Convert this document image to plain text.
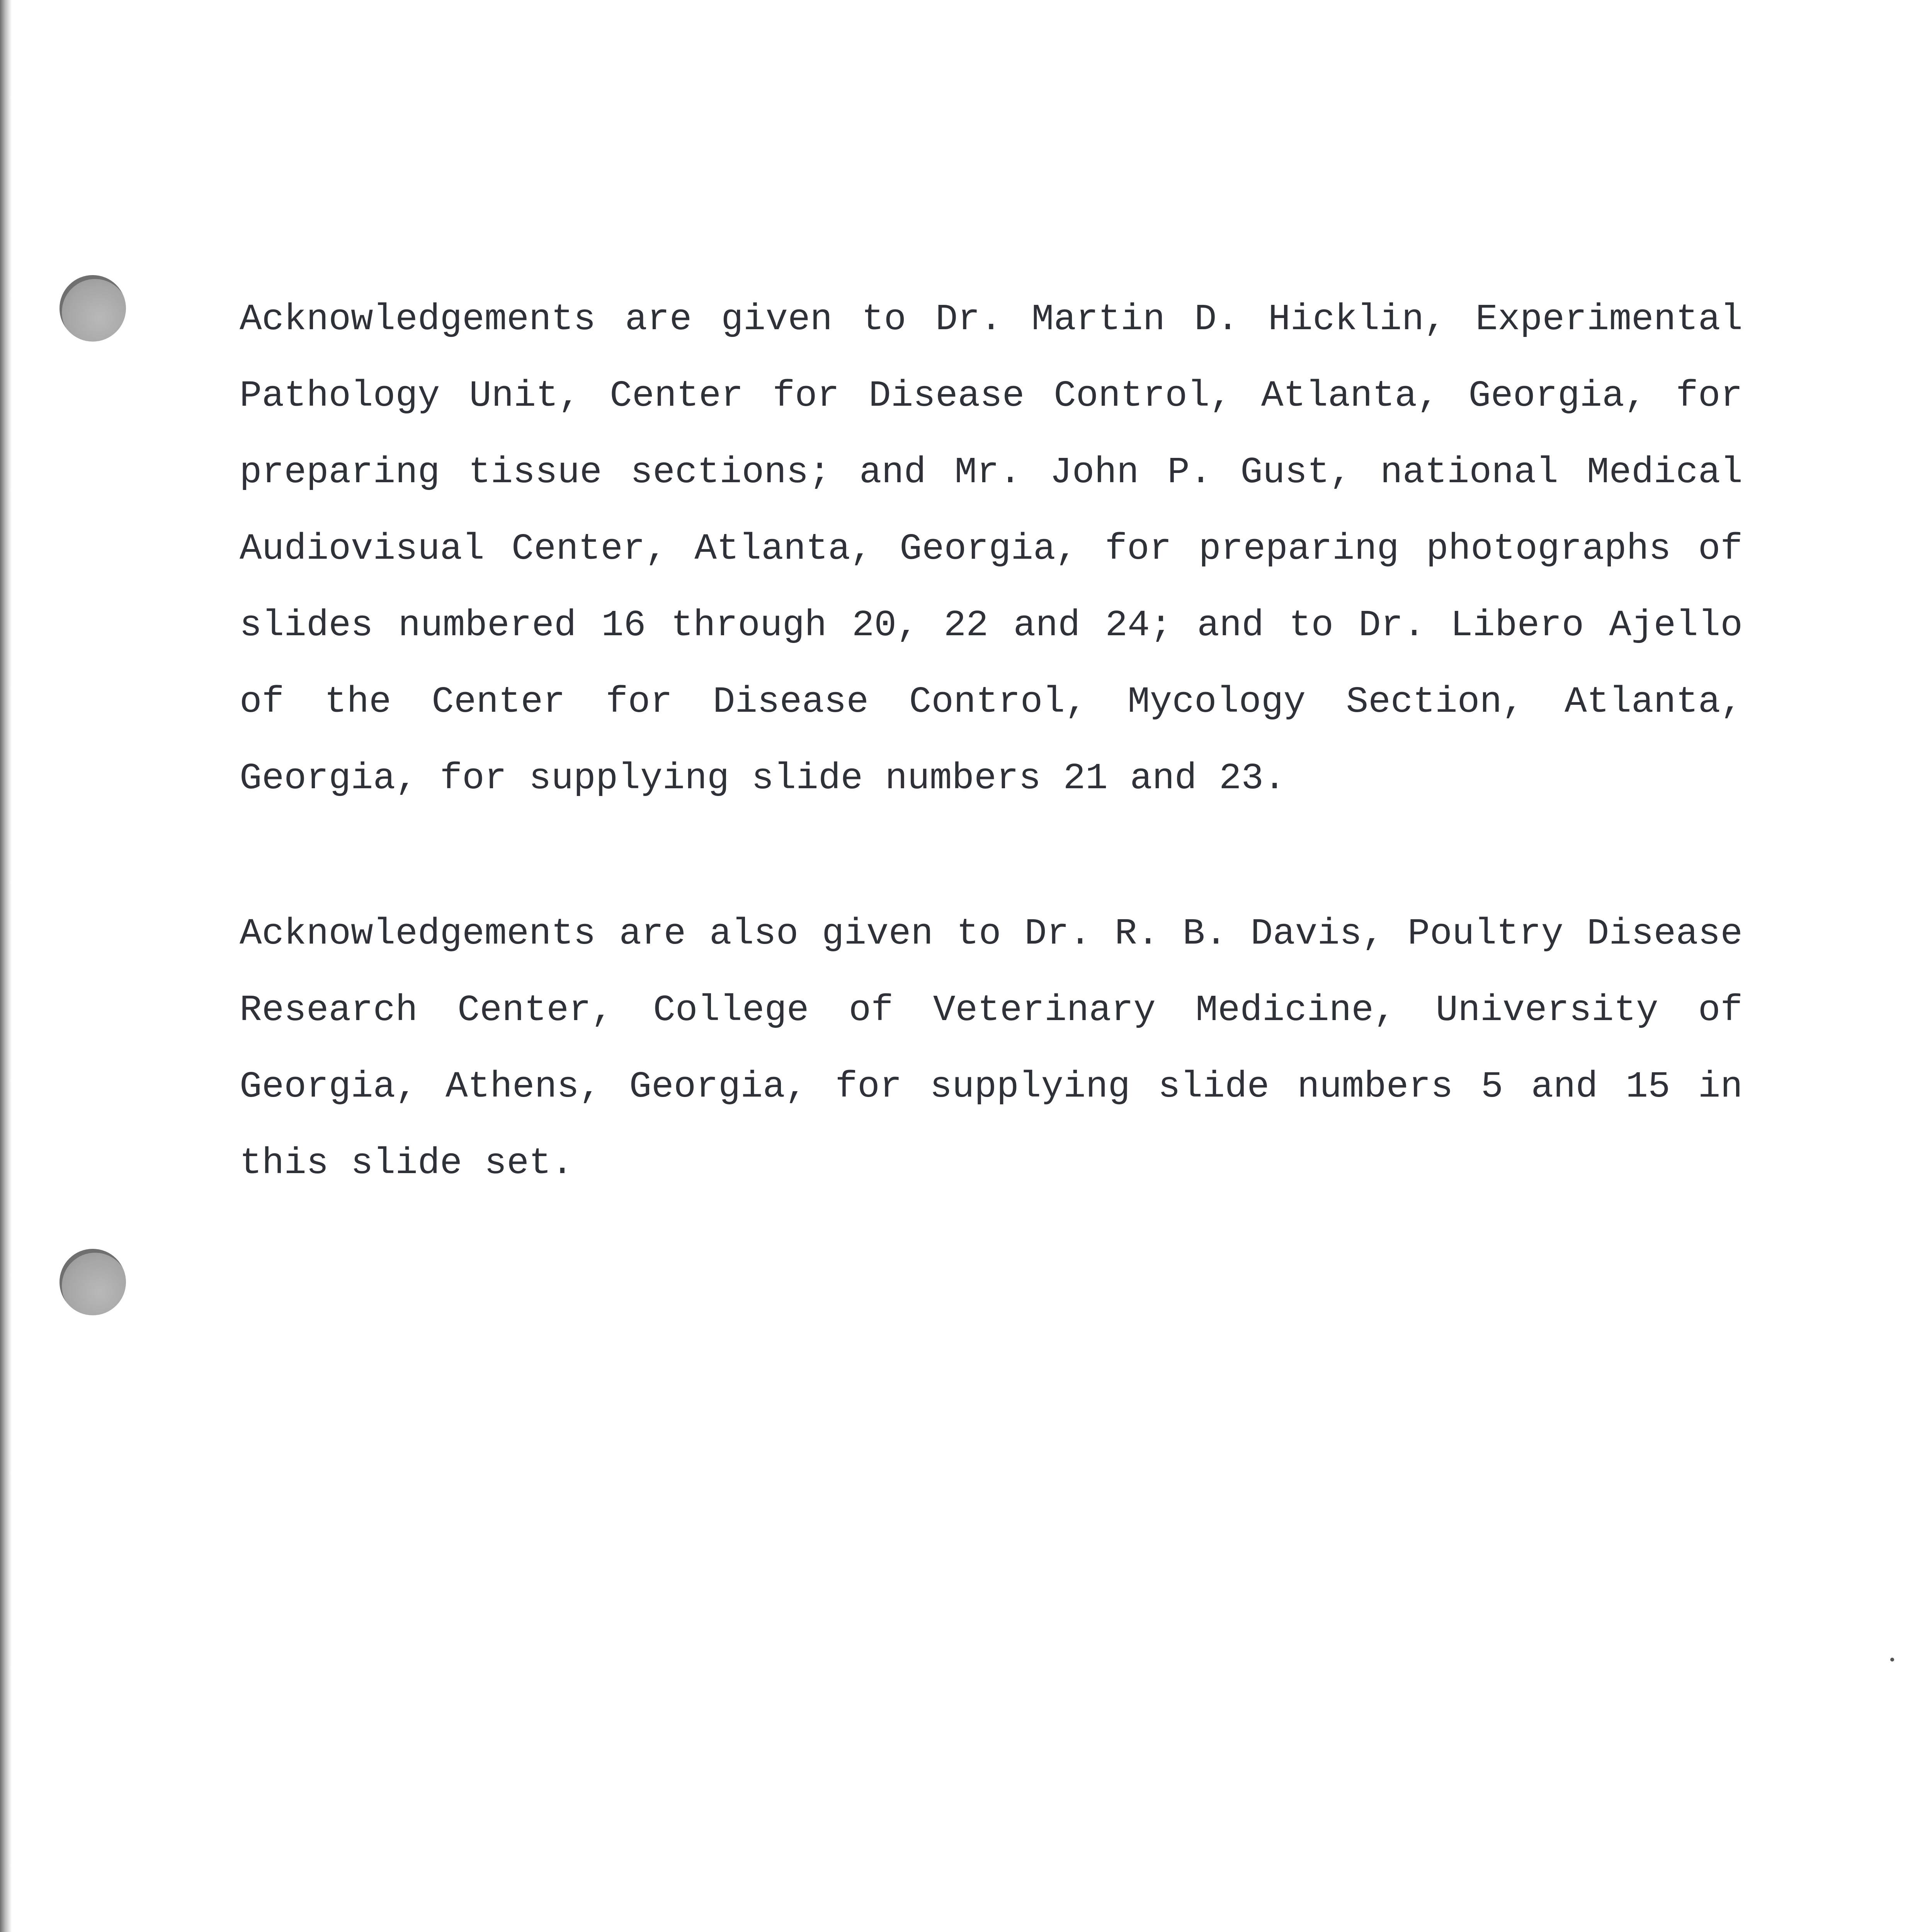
Acknowledgements are given to Dr. Martin D. Hicklin, Experimental Pathology Unit, Center for Disease Control, Atlanta, Georgia, for preparing tissue sections; and Mr. John P. Gust, national Medical Audiovisual Center, Atlanta, Georgia, for preparing photographs of slides numbered 16 through 20, 22 and 24; and to Dr. Libero Ajello of the Center for Disease Control, Mycology Section, Atlanta, Georgia, for supplying slide numbers 21 and 23.

Acknowledgements are also given to Dr. R. B. Davis, Poultry Disease Research Center, College of Veterinary Medicine, University of Georgia, Athens, Georgia, for supplying slide numbers 5 and 15 in this slide set.
